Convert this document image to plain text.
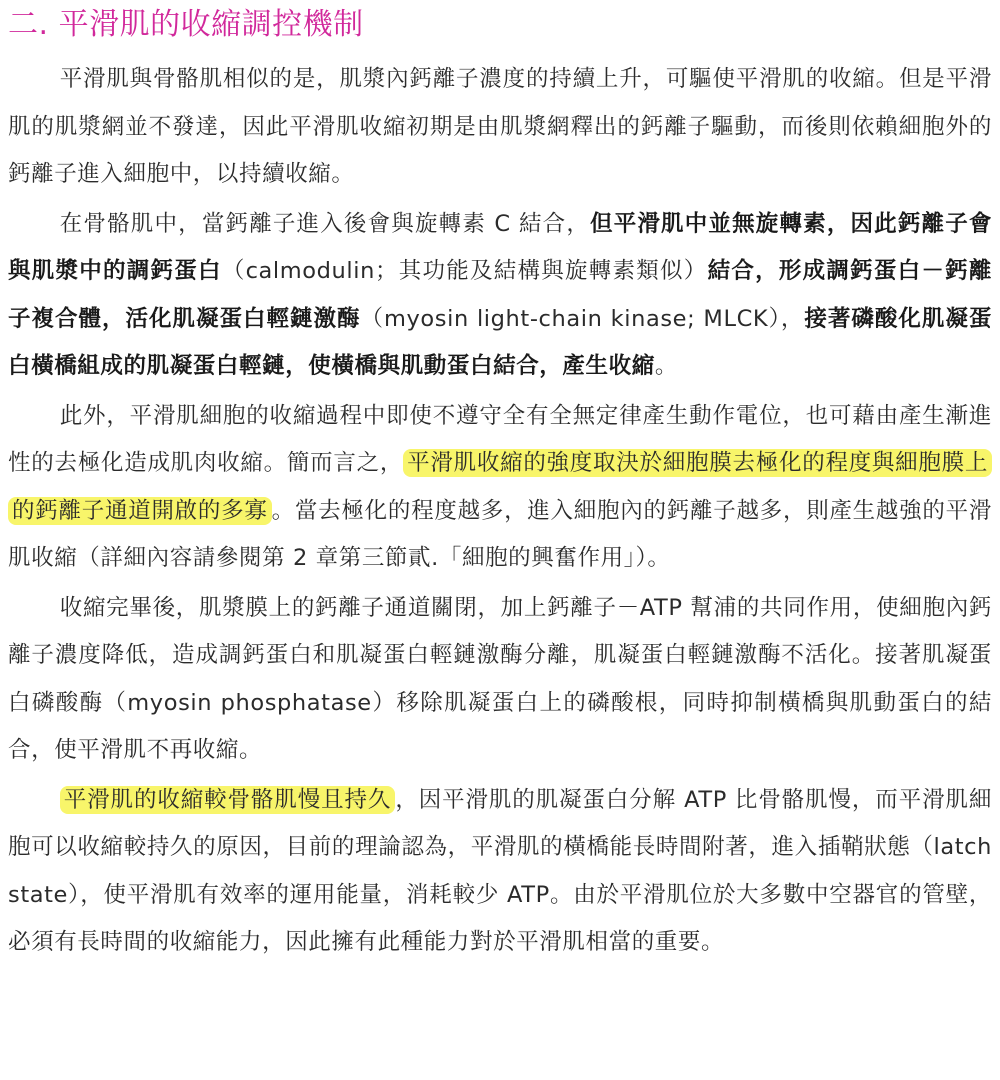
二. 平滑肌的收縮調控機制

平滑肌與骨骼肌相似的是，肌漿內鈣離子濃度的持續上升，可驅使平滑肌的收縮。但是平滑肌的肌漿網並不發達，因此平滑肌收縮初期是由肌漿網釋出的鈣離子驅動，而後則依賴細胞外的鈣離子進入細胞中，以持續收縮。

在骨骼肌中，當鈣離子進入後會與旋轉素 C 結合，但平滑肌中並無旋轉素，因此鈣離子會與肌漿中的調鈣蛋白（calmodulin；其功能及結構與旋轉素類似）結合，形成調鈣蛋白－鈣離子複合體，活化肌凝蛋白輕鏈激酶（myosin light-chain kinase; MLCK），接著磷酸化肌凝蛋白橫橋組成的肌凝蛋白輕鏈，使橫橋與肌動蛋白結合，產生收縮。

此外，平滑肌細胞的收縮過程中即使不遵守全有全無定律產生動作電位，也可藉由產生漸進性的去極化造成肌肉收縮。簡而言之， 平滑肌收縮的強度取決於細胞膜去極化的程度與細胞膜上的鈣離子通道開啟的多寡 。當去極化的程度越多，進入細胞內的鈣離子越多，則產生越強的平滑肌收縮（詳細內容請參閱第 2 章第三節貳.「細胞的興奮作用」）。

收縮完畢後，肌漿膜上的鈣離子通道關閉，加上鈣離子－ATP 幫浦的共同作用，使細胞內鈣離子濃度降低，造成調鈣蛋白和肌凝蛋白輕鏈激酶分離，肌凝蛋白輕鏈激酶不活化。接著肌凝蛋白磷酸酶（myosin phosphatase）移除肌凝蛋白上的磷酸根，同時抑制橫橋與肌動蛋白的結合，使平滑肌不再收縮。

平滑肌的收縮較骨骼肌慢且持久 ，因平滑肌的肌凝蛋白分解 ATP 比骨骼肌慢，而平滑肌細胞可以收縮較持久的原因，目前的理論認為，平滑肌的橫橋能長時間附著，進入插鞘狀態（latch state），使平滑肌有效率的運用能量，消耗較少 ATP。由於平滑肌位於大多數中空器官的管壁，必須有長時間的收縮能力，因此擁有此種能力對於平滑肌相當的重要。
